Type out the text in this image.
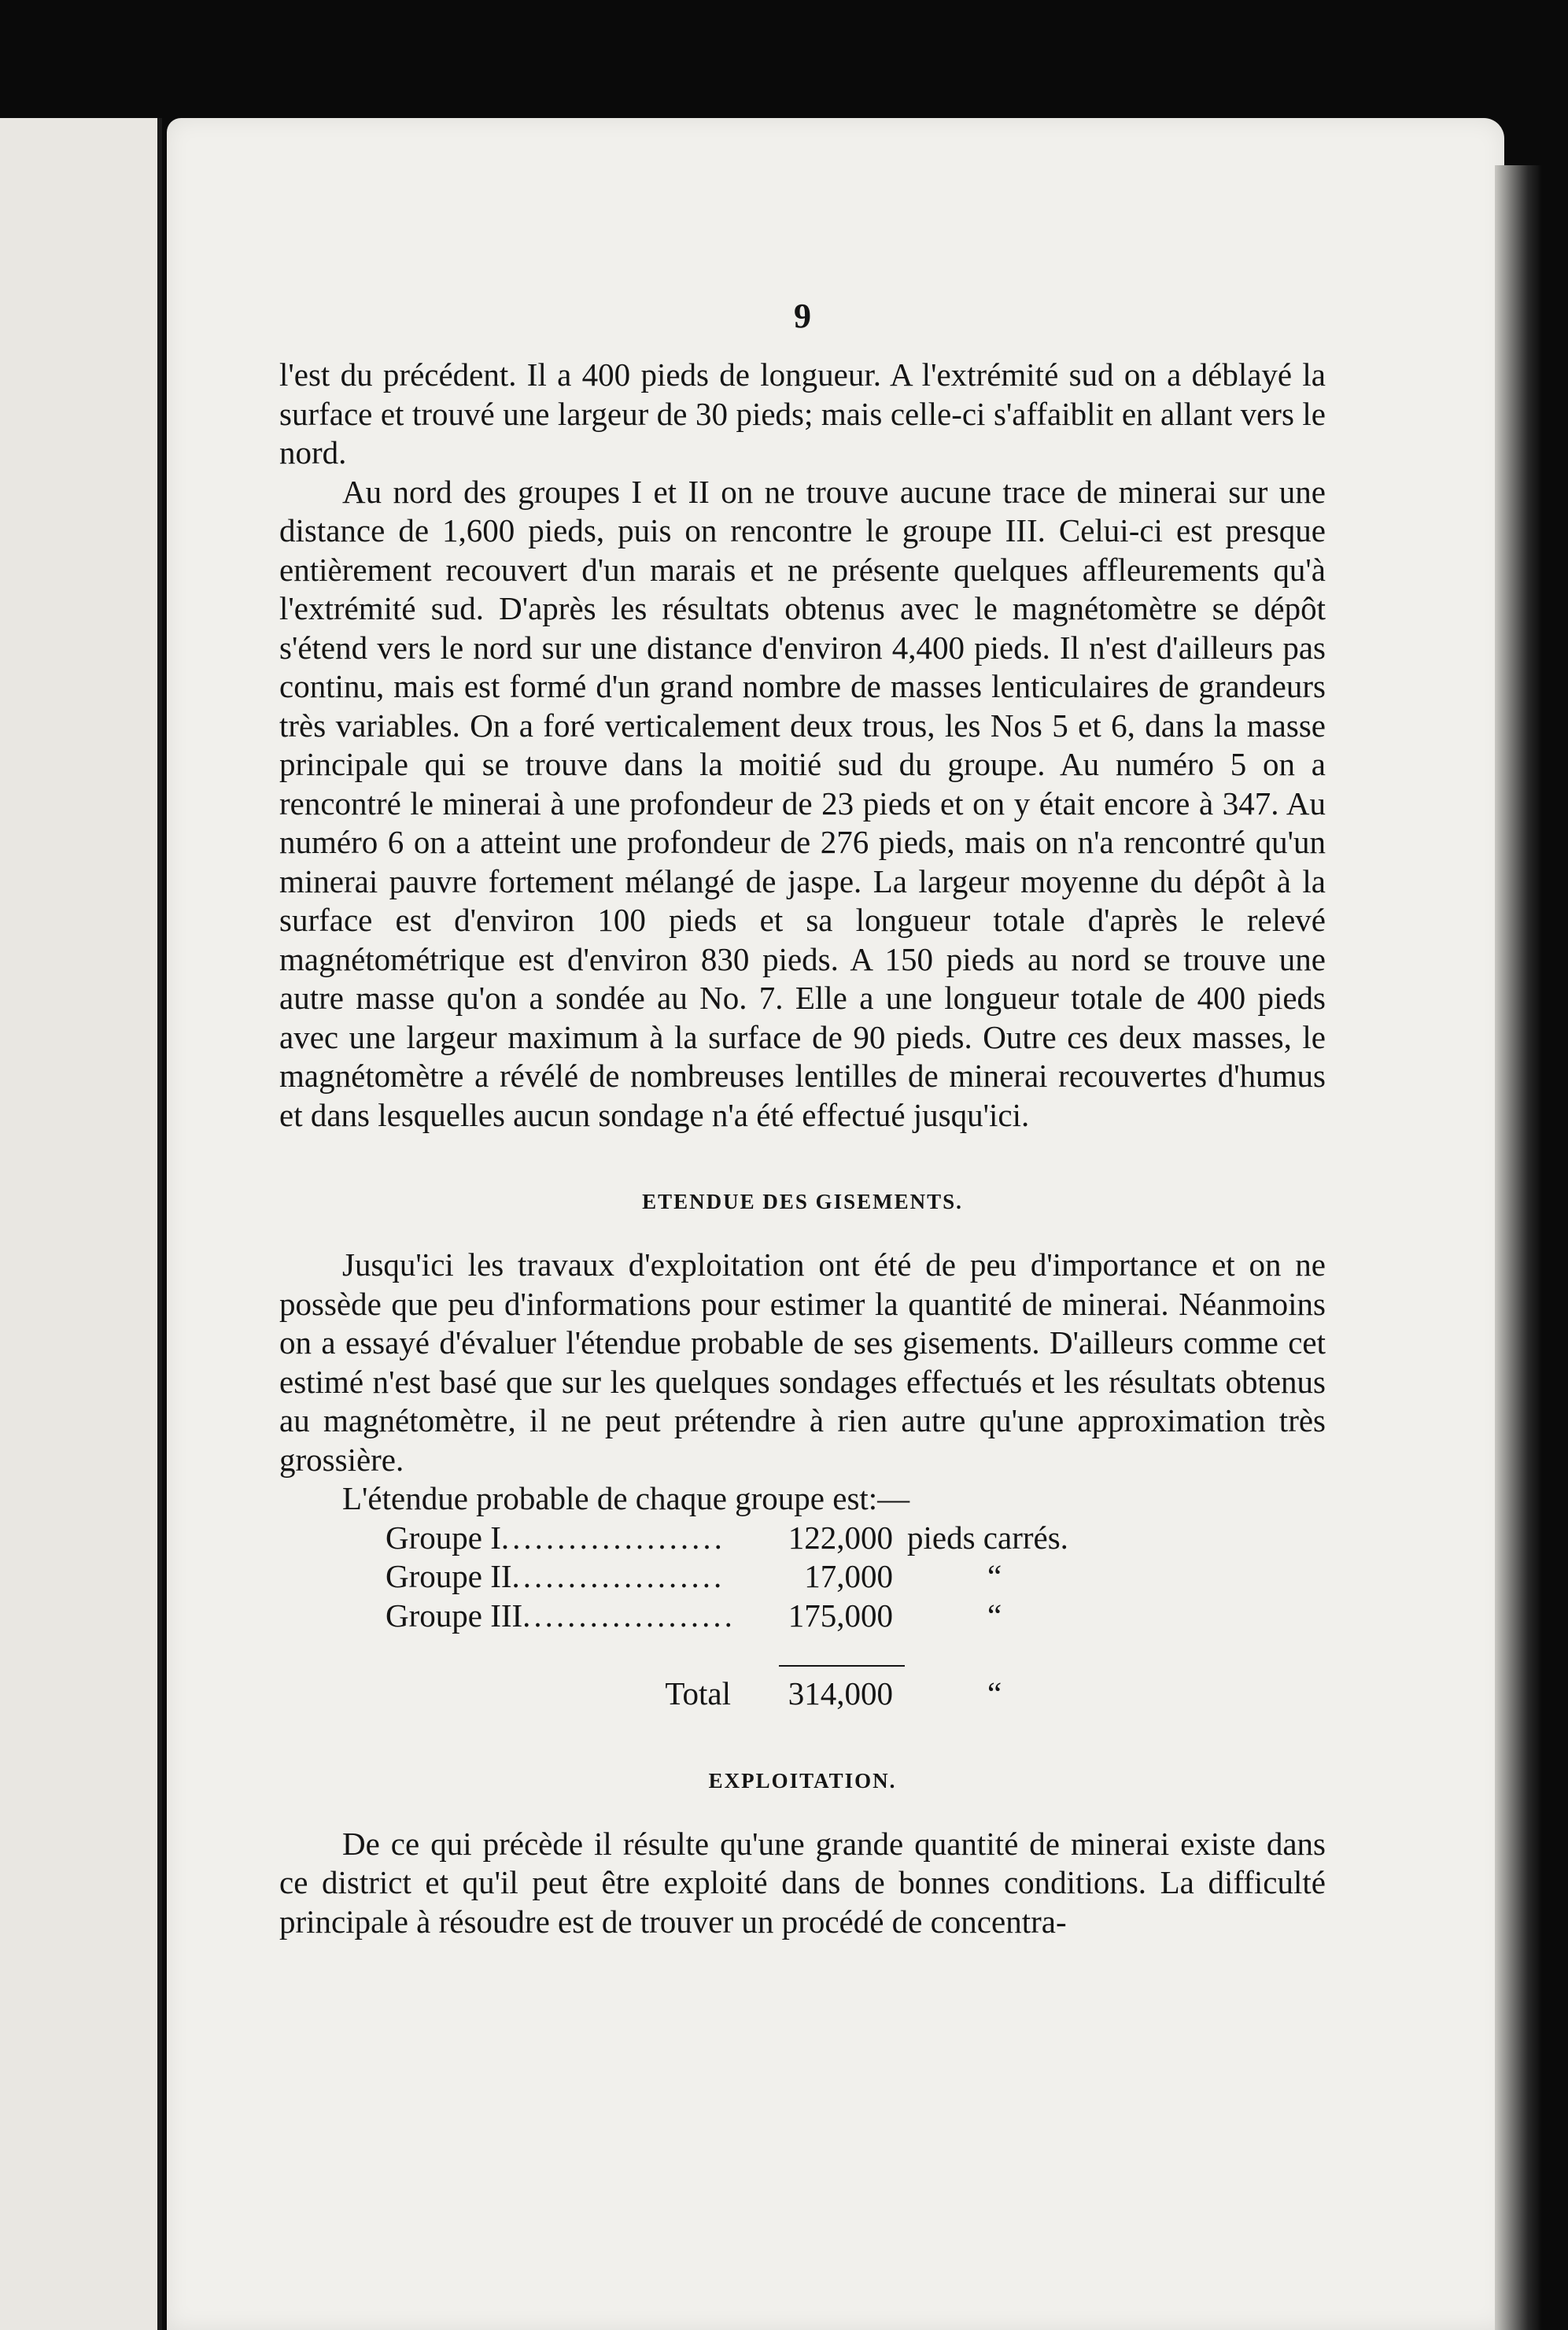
9

l'est du précédent. Il a 400 pieds de longueur. A l'extrémité sud on a déblayé la surface et trouvé une largeur de 30 pieds; mais celle-ci s'affaiblit en allant vers le nord.

Au nord des groupes I et II on ne trouve aucune trace de minerai sur une distance de 1,600 pieds, puis on rencontre le groupe III. Celui-ci est presque entièrement recouvert d'un marais et ne présente quelques affleurements qu'à l'extrémité sud. D'après les résultats obtenus avec le magnétomètre se dépôt s'étend vers le nord sur une distance d'environ 4,400 pieds. Il n'est d'ailleurs pas continu, mais est formé d'un grand nombre de masses lenticulaires de grandeurs très variables. On a foré verticalement deux trous, les Nos 5 et 6, dans la masse principale qui se trouve dans la moitié sud du groupe. Au numéro 5 on a rencontré le minerai à une profondeur de 23 pieds et on y était encore à 347. Au numéro 6 on a atteint une profondeur de 276 pieds, mais on n'a rencontré qu'un minerai pauvre fortement mélangé de jaspe. La largeur moyenne du dépôt à la surface est d'environ 100 pieds et sa longueur totale d'après le relevé magnétométrique est d'environ 830 pieds. A 150 pieds au nord se trouve une autre masse qu'on a sondée au No. 7. Elle a une longueur totale de 400 pieds avec une largeur maximum à la surface de 90 pieds. Outre ces deux masses, le magnétomètre a révélé de nombreuses lentilles de minerai recouvertes d'humus et dans lesquelles aucun sondage n'a été effectué jusqu'ici.

ETENDUE DES GISEMENTS.

Jusqu'ici les travaux d'exploitation ont été de peu d'importance et on ne possède que peu d'informations pour estimer la quantité de minerai. Néanmoins on a essayé d'évaluer l'étendue probable de ses gisements. D'ailleurs comme cet estimé n'est basé que sur les quelques sondages effectués et les résultats obtenus au magnétomètre, il ne peut prétendre à rien autre qu'une approximation très grossière.

L'étendue probable de chaque groupe est:—

Groupe I....................	122,000 pieds carrés.
Groupe II...................	17,000	“
Groupe III...................	175,000	“
Total	314,000	“
EXPLOITATION.

De ce qui précède il résulte qu'une grande quantité de minerai existe dans ce district et qu'il peut être exploité dans de bonnes conditions. La difficulté principale à résoudre est de trouver un procédé de concentra-
